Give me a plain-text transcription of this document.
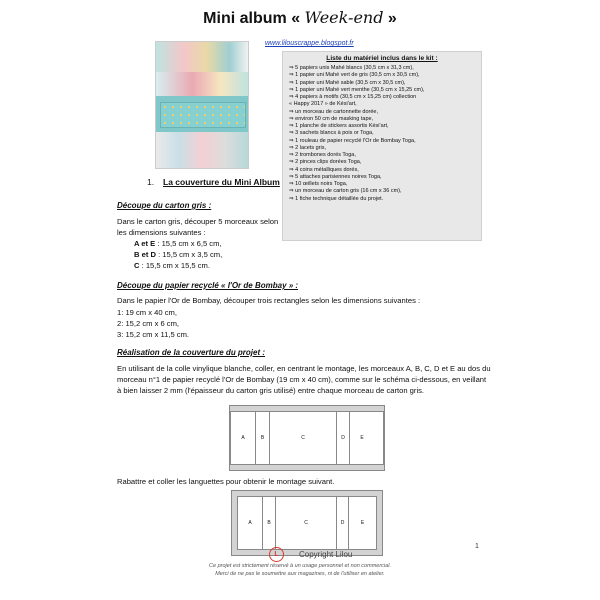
Mini album « Week-end »
www.lilouscrappe.blogspot.fr
Liste du matériel inclus dans le kit :
⇒ 5 papiers unis Mahé blancs (30,5 cm x 31,3 cm),
⇒ 1 papier uni Mahé vert de gris (30,5 cm x 30,5 cm),
⇒ 1 papier uni Mahé sable (30,5 cm x 30,5 cm),
⇒ 1 papier uni Mahé vert menthe (30,5 cm x 15,25 cm),
⇒ 4 papiers à motifs (30,5 cm x 15,25 cm) collection
« Happy 2017 » de Kési'art,
⇒ un morceau de cartonnette dorée,
⇒ environ 50 cm de masking tape,
⇒ 1 planche de stickers assortis Kési'art,
⇒ 3 sachets blancs à pois or Toga,
⇒ 1 rouleau de papier recyclé l'Or de Bombay Toga,
⇒ 2 lacets gris,
⇒ 2 trombones dorés Toga,
⇒ 2 pinces clips dorées Toga,
⇒ 4 coins métalliques dorés,
⇒ 5 attaches parisiennes noires Toga,
⇒ 10 œillets noirs Toga,
⇒ un morceau de carton gris (16 cm x 36 cm),
⇒ 1 fiche technique détaillée du projet.
1. La couverture du Mini Album
Découpe du carton gris :
Dans le carton gris, découper 5 morceaux selon les dimensions suivantes :
A et E : 15,5 cm x 6,5 cm,
B et D : 15,5 cm x 3,5 cm,
C : 15,5 cm x 15,5 cm.
Découpe du papier recyclé « l'Or de Bombay » :
Dans le papier l'Or de Bombay, découper trois rectangles selon les dimensions suivantes :
1: 19 cm x 40 cm,
2: 15,2 cm x 6 cm,
3: 15,2 cm x 11,5 cm.
Réalisation de la couverture du projet :
En utilisant de la colle vinylique blanche, coller, en centrant le montage, les morceaux A, B, C, D et E au dos du morceau n°1 de papier recyclé l'Or de Bombay (19 cm x 40 cm), comme sur le schéma ci-dessous, en veillant à bien laisser 2 mm (l'épaisseur du carton gris utilisé) entre chaque morceau de carton gris.
A	B	C	D	E
Rabattre et coller les languettes pour obtenir le montage suivant.
A	B	C	D	E
L	Copyright Lilou
1
Ce projet est strictement réservé à un usage personnel et non commercial.
Merci de ne pas le soumettre aux magazines, ni de l'utiliser en atelier.
